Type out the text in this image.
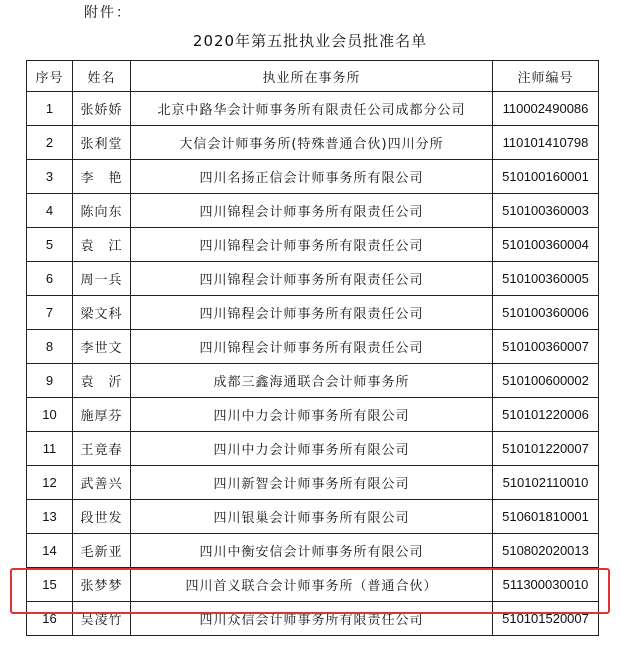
附件：
2020年第五批执业会员批准名单
序号	姓名	执业所在事务所	注师编号
1	张娇娇	北京中路华会计师事务所有限责任公司成都分公司	110002490086
2	张利堂	大信会计师事务所(特殊普通合伙)四川分所	110101410798
3	李　艳	四川名扬正信会计师事务所有限公司	510100160001
4	陈向东	四川锦程会计师事务所有限责任公司	510100360003
5	袁　江	四川锦程会计师事务所有限责任公司	510100360004
6	周一兵	四川锦程会计师事务所有限责任公司	510100360005
7	梁文科	四川锦程会计师事务所有限责任公司	510100360006
8	李世文	四川锦程会计师事务所有限责任公司	510100360007
9	袁　沂	成都三鑫海通联合会计师事务所	510100600002
10	施厚芬	四川中力会计师事务所有限公司	510101220006
11	王竟春	四川中力会计师事务所有限公司	510101220007
12	武善兴	四川新智会计师事务所有限公司	510102110010
13	段世发	四川银巢会计师事务所有限公司	510601810001
14	毛新亚	四川中衡安信会计师事务所有限公司	510802020013
15	张梦梦	四川首义联合会计师事务所（普通合伙）	511300030010
16	吴凌竹	四川众信会计师事务所有限责任公司	510101520007
